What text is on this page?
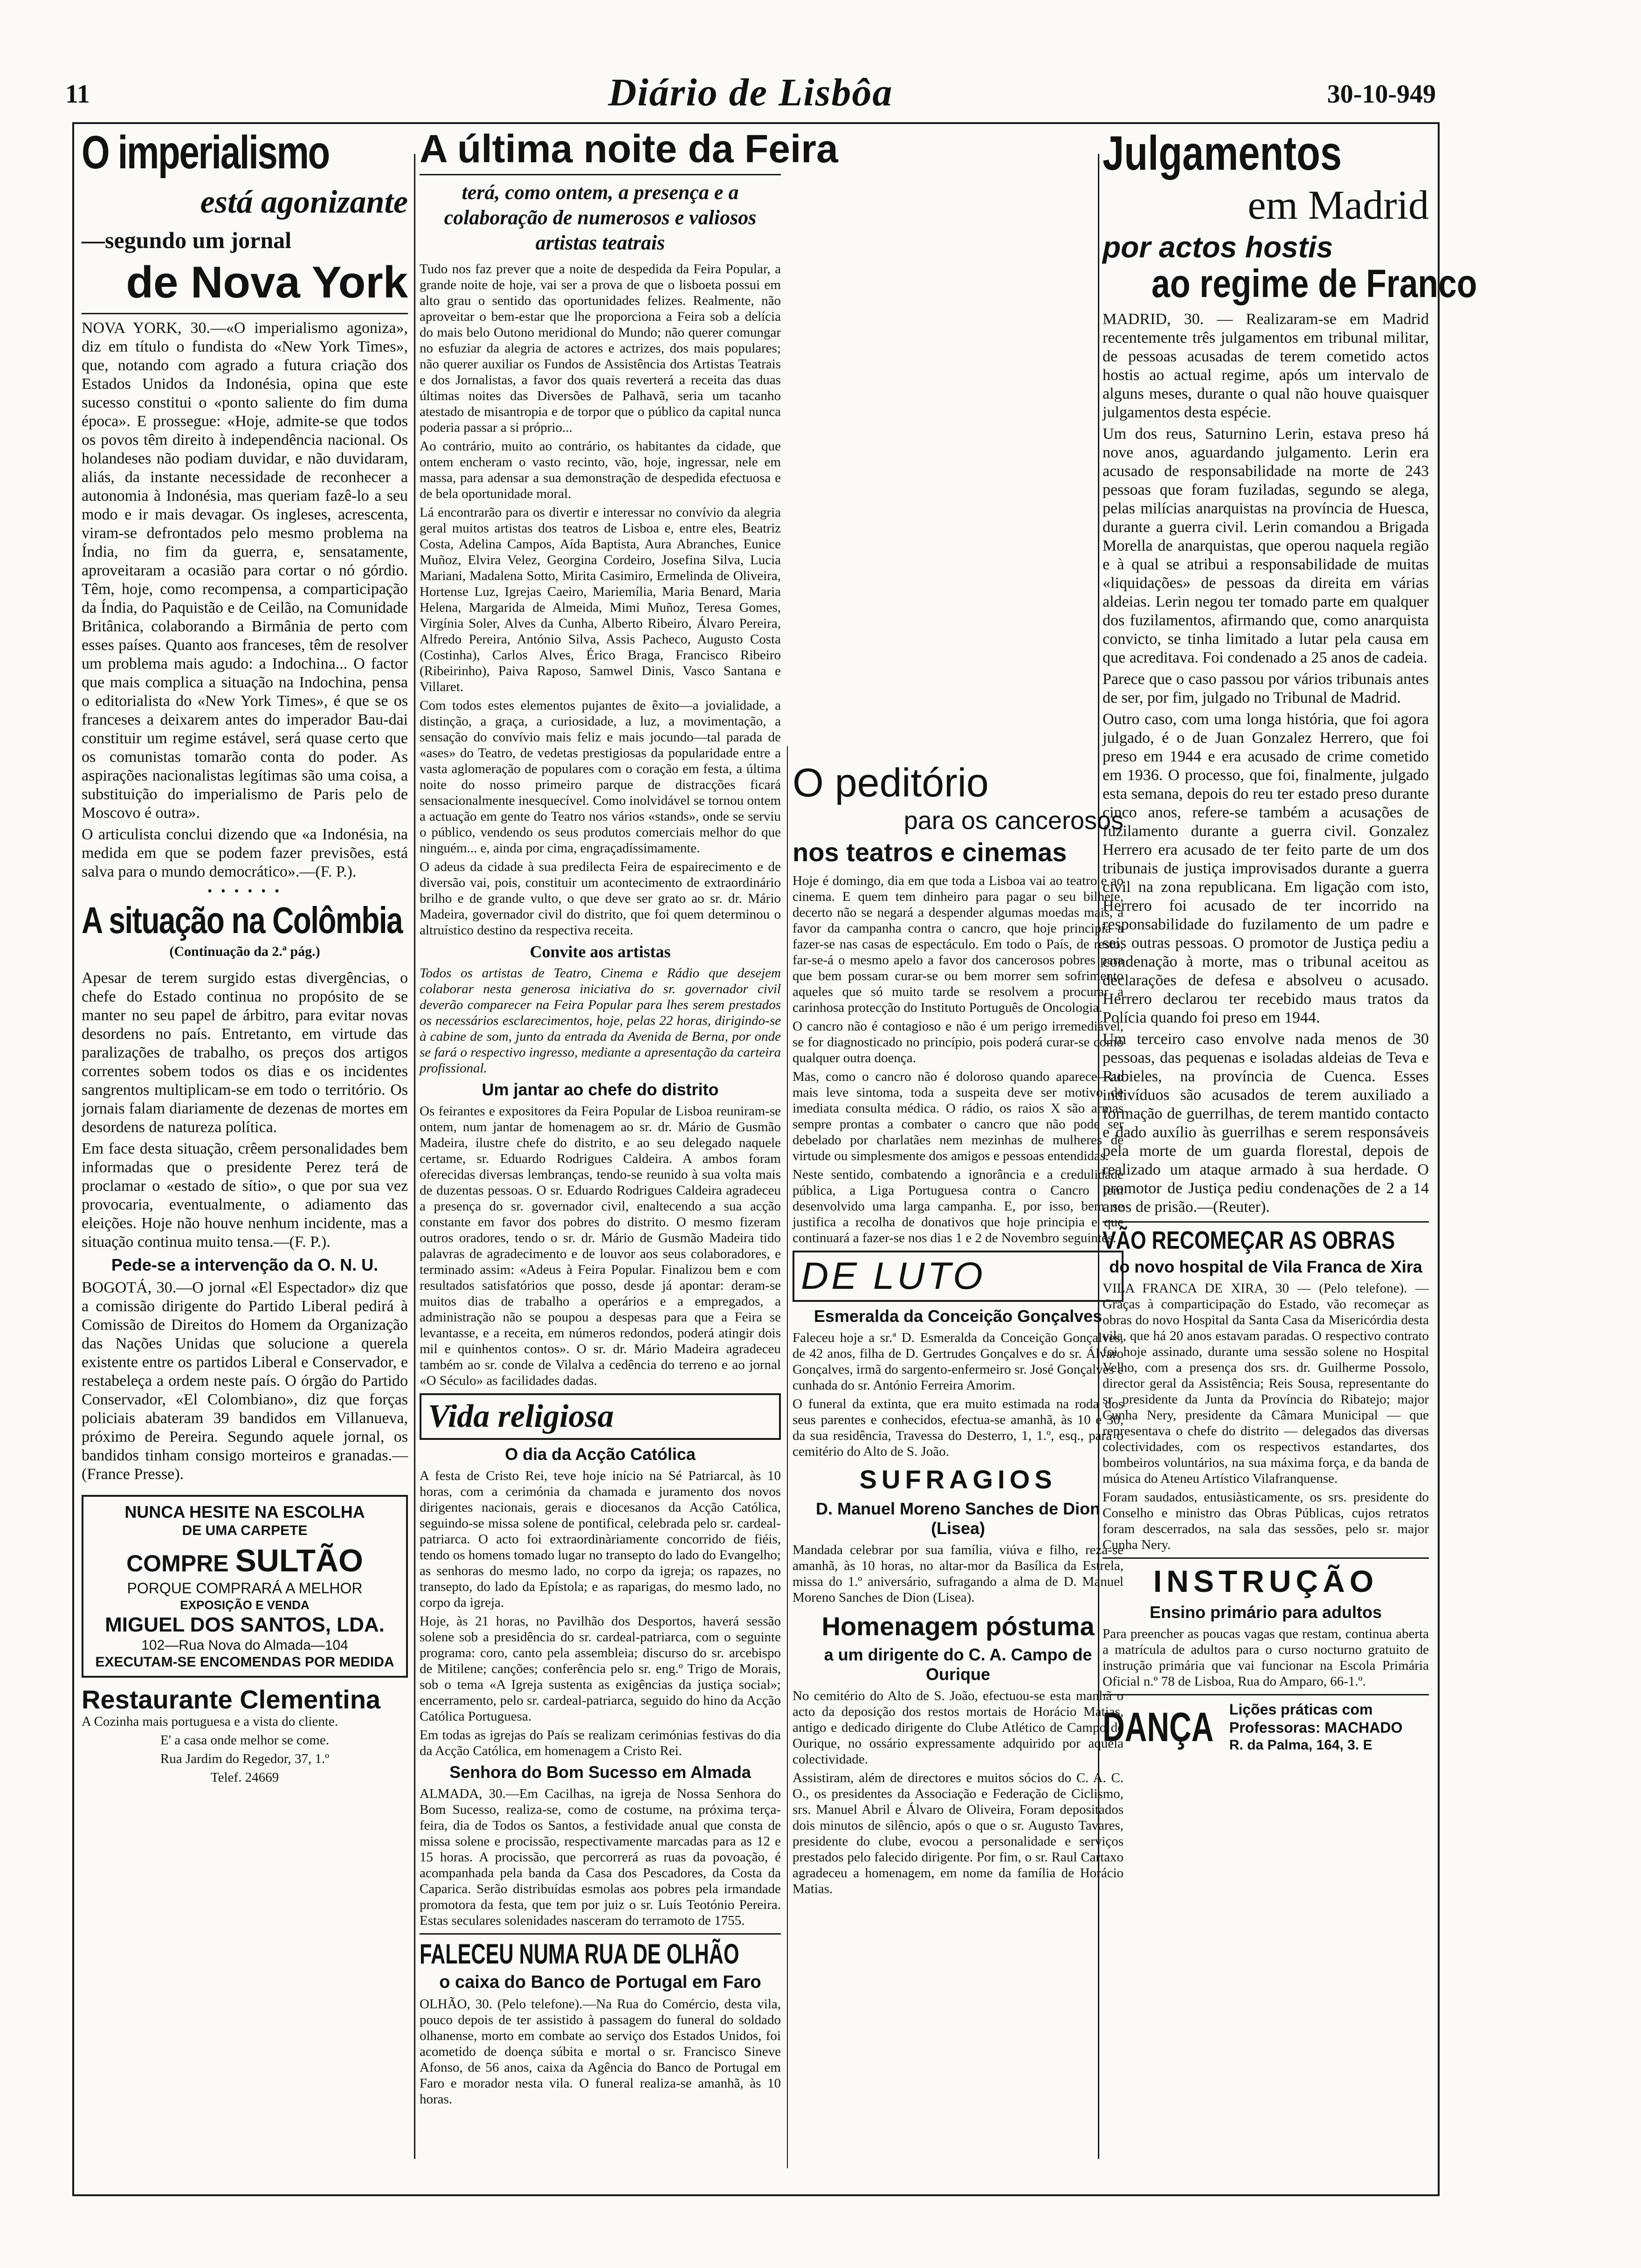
11	Diário de Lisbôa	30-10-949
O imperialismo
está agonizante
—segundo um jornal
de Nova York

NOVA YORK, 30.—«O imperialismo agoniza», diz em título o fundista do «New York Times», que, notando com agrado a futura criação dos Estados Unidos da Indonésia, opina que este sucesso constitui o «ponto saliente do fim duma época». E prossegue: «Hoje, admite-se que todos os povos têm direito à independência nacional. Os holandeses não podiam duvidar, e não duvidaram, aliás, da instante necessidade de reconhecer a autonomia à Indonésia, mas queriam fazê-lo a seu modo e ir mais devagar. Os ingleses, acrescenta, viram-se defrontados pelo mesmo problema na Índia, no fim da guerra, e, sensatamente, aproveitaram a ocasião para cortar o nó górdio. Têm, hoje, como recompensa, a comparticipação da Índia, do Paquistão e de Ceilão, na Comunidade Britânica, colaborando a Birmânia de perto com esses países. Quanto aos franceses, têm de resolver um problema mais agudo: a Indochina... O factor que mais complica a situação na Indochina, pensa o editorialista do «New York Times», é que se os franceses a deixarem antes do imperador Bau-dai constituir um regime estável, será quase certo que os comunistas tomarão conta do poder. As aspirações nacionalistas legítimas são uma coisa, a substituição do imperialismo de Paris pelo de Moscovo é outra».

O articulista conclui dizendo que «a Indonésia, na medida em que se podem fazer previsões, está salva para o mundo democrático».—(F. P.).

• • • • • •
A situação na Colômbia
(Continuação da 2.ª pág.)

Apesar de terem surgido estas divergências, o chefe do Estado continua no propósito de se manter no seu papel de árbitro, para evitar novas desordens no país. Entretanto, em virtude das paralizações de trabalho, os preços dos artigos correntes sobem todos os dias e os incidentes sangrentos multiplicam-se em todo o território. Os jornais falam diariamente de dezenas de mortes em desordens de natureza política.

Em face desta situação, crêem personalidades bem informadas que o presidente Perez terá de proclamar o «estado de sítio», o que por sua vez provocaria, eventualmente, o adiamento das eleições. Hoje não houve nenhum incidente, mas a situação continua muito tensa.—(F. P.).

Pede-se a intervenção da O. N. U.

BOGOTÁ, 30.—O jornal «El Espectador» diz que a comissão dirigente do Partido Liberal pedirá à Comissão de Direitos do Homem da Organização das Nações Unidas que solucione a querela existente entre os partidos Liberal e Conservador, e restabeleça a ordem neste país. O órgão do Partido Conservador, «El Colombiano», diz que forças policiais abateram 39 bandidos em Villanueva, próximo de Pereira. Segundo aquele jornal, os bandidos tinham consigo morteiros e granadas.—(France Presse).

NUNCA HESITE NA ESCOLHA
DE UMA CARPETE
COMPRE SULTÃO
PORQUE COMPRARÁ A MELHOR
EXPOSIÇÃO E VENDA
MIGUEL DOS SANTOS, LDA.
102—Rua Nova do Almada—104
EXECUTAM-SE ENCOMENDAS POR MEDIDA
Restaurante Clementina

A Cozinha mais portuguesa e a vista do cliente.

E' a casa onde melhor se come.

Rua Jardim do Regedor, 37, 1.º

Telef. 24669

A última noite da Feira
terá, como ontem, a presença e a colaboração de numerosos e valiosos artistas teatrais

Tudo nos faz prever que a noite de despedida da Feira Popular, a grande noite de hoje, vai ser a prova de que o lisboeta possui em alto grau o sentido das oportunidades felizes. Realmente, não aproveitar o bem-estar que lhe proporciona a Feira sob a delícia do mais belo Outono meridional do Mundo; não querer comungar no esfuziar da alegria de actores e actrizes, dos mais populares; não querer auxiliar os Fundos de Assistência dos Artistas Teatrais e dos Jornalistas, a favor dos quais reverterá a receita das duas últimas noites das Diversões de Palhavã, seria um tacanho atestado de misantropia e de torpor que o público da capital nunca poderia passar a si próprio...

Ao contrário, muito ao contrário, os habitantes da cidade, que ontem encheram o vasto recinto, vão, hoje, ingressar, nele em massa, para adensar a sua demonstração de despedida efectuosa e de bela oportunidade moral.

Lá encontrarão para os divertir e interessar no convívio da alegria geral muitos artistas dos teatros de Lisboa e, entre eles, Beatriz Costa, Adelina Campos, Aída Baptista, Aura Abranches, Eunice Muñoz, Elvira Velez, Georgina Cordeiro, Josefina Silva, Lucia Mariani, Madalena Sotto, Mirita Casimiro, Ermelinda de Oliveira, Hortense Luz, Igrejas Caeiro, Mariemília, Maria Benard, Maria Helena, Margarida de Almeida, Mimi Muñoz, Teresa Gomes, Virgínia Soler, Alves da Cunha, Alberto Ribeiro, Álvaro Pereira, Alfredo Pereira, António Silva, Assis Pacheco, Augusto Costa (Costinha), Carlos Alves, Érico Braga, Francisco Ribeiro (Ribeirinho), Paiva Raposo, Samwel Dinis, Vasco Santana e Villaret.

Com todos estes elementos pujantes de êxito—a jovialidade, a distinção, a graça, a curiosidade, a luz, a movimentação, a sensação do convívio mais feliz e mais jocundo—tal parada de «ases» do Teatro, de vedetas prestigiosas da popularidade entre a vasta aglomeração de populares com o coração em festa, a última noite do nosso primeiro parque de distracções ficará sensacionalmente inesquecível. Como inolvidável se tornou ontem a actuação em gente do Teatro nos vários «stands», onde se serviu o público, vendendo os seus produtos comerciais melhor do que ninguém... e, ainda por cima, engraçadíssimamente.

O adeus da cidade à sua predilecta Feira de espairecimento e de diversão vai, pois, constituir um acontecimento de extraordinário brilho e de grande vulto, o que deve ser grato ao sr. dr. Mário Madeira, governador civil do distrito, que foi quem determinou o altruístico destino da respectiva receita.

Convite aos artistas

Todos os artistas de Teatro, Cinema e Rádio que desejem colaborar nesta generosa iniciativa do sr. governador civil deverão comparecer na Feira Popular para lhes serem prestados os necessários esclarecimentos, hoje, pelas 22 horas, dirigindo-se à cabine de som, junto da entrada da Avenida de Berna, por onde se fará o respectivo ingresso, mediante a apresentação da carteira profissional.

Um jantar ao chefe do distrito

Os feirantes e expositores da Feira Popular de Lisboa reuniram-se ontem, num jantar de homenagem ao sr. dr. Mário de Gusmão Madeira, ilustre chefe do distrito, e ao seu delegado naquele certame, sr. Eduardo Rodrigues Caldeira. A ambos foram oferecidas diversas lembranças, tendo-se reunido à sua volta mais de duzentas pessoas. O sr. Eduardo Rodrigues Caldeira agradeceu a presença do sr. governador civil, enaltecendo a sua acção constante em favor dos pobres do distrito. O mesmo fizeram outros oradores, tendo o sr. dr. Mário de Gusmão Madeira tido palavras de agradecimento e de louvor aos seus colaboradores, e terminado assim: «Adeus à Feira Popular. Finalizou bem e com resultados satisfatórios que posso, desde já apontar: deram-se muitos dias de trabalho a operários e a empregados, a administração não se poupou a despesas para que a Feira se levantasse, e a receita, em números redondos, poderá atingir dois mil e quinhentos contos». O sr. dr. Mário Madeira agradeceu também ao sr. conde de Vilalva a cedência do terreno e ao jornal «O Século» as facilidades dadas.

Vida religiosa
O dia da Acção Católica

A festa de Cristo Rei, teve hoje início na Sé Patriarcal, às 10 horas, com a cerimónia da chamada e juramento dos novos dirigentes nacionais, gerais e diocesanos da Acção Católica, seguindo-se missa solene de pontifical, celebrada pelo sr. cardeal-patriarca. O acto foi extraordinàriamente concorrido de fiéis, tendo os homens tomado lugar no transepto do lado do Evangelho; as senhoras do mesmo lado, no corpo da igreja; os rapazes, no transepto, do lado da Epístola; e as raparigas, do mesmo lado, no corpo da igreja.

Hoje, às 21 horas, no Pavilhão dos Desportos, haverá sessão solene sob a presidência do sr. cardeal-patriarca, com o seguinte programa: coro, canto pela assembleia; discurso do sr. arcebispo de Mitilene; canções; conferência pelo sr. eng.º Trigo de Morais, sob o tema «A Igreja sustenta as exigências da justiça social»; encerramento, pelo sr. cardeal-patriarca, seguido do hino da Acção Católica Portuguesa.

Em todas as igrejas do País se realizam cerimónias festivas do dia da Acção Católica, em homenagem a Cristo Rei.

Senhora do Bom Sucesso em Almada

ALMADA, 30.—Em Cacilhas, na igreja de Nossa Senhora do Bom Sucesso, realiza-se, como de costume, na próxima terça-feira, dia de Todos os Santos, a festividade anual que consta de missa solene e procissão, respectivamente marcadas para as 12 e 15 horas. A procissão, que percorrerá as ruas da povoação, é acompanhada pela banda da Casa dos Pescadores, da Costa da Caparica. Serão distribuídas esmolas aos pobres pela irmandade promotora da festa, que tem por juiz o sr. Luís Teotónio Pereira. Estas seculares solenidades nasceram do terramoto de 1755.

FALECEU NUMA RUA DE OLHÃO
o caixa do Banco de Portugal em Faro

OLHÃO, 30. (Pelo telefone).—Na Rua do Comércio, desta vila, pouco depois de ter assistido à passagem do funeral do soldado olhanense, morto em combate ao serviço dos Estados Unidos, foi acometido de doença súbita e mortal o sr. Francisco Sineve Afonso, de 56 anos, caixa da Agência do Banco de Portugal em Faro e morador nesta vila. O funeral realiza-se amanhã, às 10 horas.

O peditório
para os cancerosos
nos teatros e cinemas

Hoje é domingo, dia em que toda a Lisboa vai ao teatro e ao cinema. E quem tem dinheiro para pagar o seu bilhete, decerto não se negará a despender algumas moedas mais, a favor da campanha contra o cancro, que hoje principia a fazer-se nas casas de espectáculo. Em todo o País, de resto, far-se-á o mesmo apelo a favor dos cancerosos pobres para que bem possam curar-se ou bem morrer sem sofrimento aqueles que só muito tarde se resolvem a procurar a carinhosa protecção do Instituto Português de Oncologia.

O cancro não é contagioso e não é um perigo irremediável, se for diagnosticado no princípio, pois poderá curar-se como qualquer outra doença.

Mas, como o cancro não é doloroso quando aparece—ao mais leve sintoma, toda a suspeita deve ser motivo de imediata consulta médica. O rádio, os raios X são armas sempre prontas a combater o cancro que não pode ser debelado por charlatães nem mezinhas de mulheres de virtude ou simplesmente dos amigos e pessoas entendidas.

Neste sentido, combatendo a ignorância e a credulidade pública, a Liga Portuguesa contra o Cancro tem desenvolvido uma larga campanha. E, por isso, bem se justifica a recolha de donativos que hoje principia e que continuará a fazer-se nos dias 1 e 2 de Novembro seguintes.

DE LUTO
Esmeralda da Conceição Gonçalves

Faleceu hoje a sr.ª D. Esmeralda da Conceição Gonçalves, de 42 anos, filha de D. Gertrudes Gonçalves e do sr. Álvaro Gonçalves, irmã do sargento-enfermeiro sr. José Gonçalves e cunhada do sr. António Ferreira Amorim.

O funeral da extinta, que era muito estimada na roda dos seus parentes e conhecidos, efectua-se amanhã, às 10 e 30, da sua residência, Travessa do Desterro, 1, 1.º, esq., para o cemitério do Alto de S. João.

SUFRAGIOS
D. Manuel Moreno Sanches de Dion (Lisea)

Mandada celebrar por sua família, viúva e filho, reza-se amanhã, às 10 horas, no altar-mor da Basílica da Estrela, missa do 1.º aniversário, sufragando a alma de D. Manuel Moreno Sanches de Dion (Lisea).

Homenagem póstuma
a um dirigente do C. A. Campo de Ourique

No cemitério do Alto de S. João, efectuou-se esta manhã o acto da deposição dos restos mortais de Horácio Matias, antigo e dedicado dirigente do Clube Atlético de Campo de Ourique, no ossário expressamente adquirido por aquela colectividade.

Assistiram, além de directores e muitos sócios do C. A. C. O., os presidentes da Associação e Federação de Ciclismo, srs. Manuel Abril e Álvaro de Oliveira, Foram depositados dois minutos de silêncio, após o que o sr. Augusto Tavares, presidente do clube, evocou a personalidade e serviços prestados pelo falecido dirigente. Por fim, o sr. Raul Cartaxo agradeceu a homenagem, em nome da família de Horácio Matias.

Julgamentos
em Madrid
por actos hostis
ao regime de Franco

MADRID, 30. — Realizaram-se em Madrid recentemente três julgamentos em tribunal militar, de pessoas acusadas de terem cometido actos hostis ao actual regime, após um intervalo de alguns meses, durante o qual não houve quaisquer julgamentos desta espécie.

Um dos reus, Saturnino Lerin, estava preso há nove anos, aguardando julgamento. Lerin era acusado de responsabilidade na morte de 243 pessoas que foram fuziladas, segundo se alega, pelas milícias anarquistas na província de Huesca, durante a guerra civil. Lerin comandou a Brigada Morella de anarquistas, que operou naquela região e à qual se atribui a responsabilidade de muitas «liquidações» de pessoas da direita em várias aldeias. Lerin negou ter tomado parte em qualquer dos fuzilamentos, afirmando que, como anarquista convicto, se tinha limitado a lutar pela causa em que acreditava. Foi condenado a 25 anos de cadeia.

Parece que o caso passou por vários tribunais antes de ser, por fim, julgado no Tribunal de Madrid.

Outro caso, com uma longa história, que foi agora julgado, é o de Juan Gonzalez Herrero, que foi preso em 1944 e era acusado de crime cometido em 1936. O processo, que foi, finalmente, julgado esta semana, depois do reu ter estado preso durante cinco anos, refere-se também a acusações de fuzilamento durante a guerra civil. Gonzalez Herrero era acusado de ter feito parte de um dos tribunais de justiça improvisados durante a guerra civil na zona republicana. Em ligação com isto, Herrero foi acusado de ter incorrido na responsabilidade do fuzilamento de um padre e seis outras pessoas. O promotor de Justiça pediu a condenação à morte, mas o tribunal aceitou as declarações de defesa e absolveu o acusado. Herrero declarou ter recebido maus tratos da Polícia quando foi preso em 1944.

Um terceiro caso envolve nada menos de 30 pessoas, das pequenas e isoladas aldeias de Teva e Rubieles, na província de Cuenca. Esses indivíduos são acusados de terem auxiliado a formação de guerrilhas, de terem mantido contacto e dado auxílio às guerrilhas e serem responsáveis pela morte de um guarda florestal, depois de realizado um ataque armado à sua herdade. O promotor de Justiça pediu condenações de 2 a 14 anos de prisão.—(Reuter).

VÃO RECOMEÇAR AS OBRAS
do novo hospital de Vila Franca de Xira

VILA FRANCA DE XIRA, 30 — (Pelo telefone). — Graças à comparticipação do Estado, vão recomeçar as obras do novo Hospital da Santa Casa da Misericórdia desta vila, que há 20 anos estavam paradas. O respectivo contrato foi hoje assinado, durante uma sessão solene no Hospital Velho, com a presença dos srs. dr. Guilherme Possolo, director geral da Assistência; Reis Sousa, representante do sr. presidente da Junta da Província do Ribatejo; major Cunha Nery, presidente da Câmara Municipal — que representava o chefe do distrito — delegados das diversas colectividades, com os respectivos estandartes, dos bombeiros voluntários, na sua máxima força, e da banda de música do Ateneu Artístico Vilafranquense.

Foram saudados, entusiàsticamente, os srs. presidente do Conselho e ministro das Obras Públicas, cujos retratos foram descerrados, na sala das sessões, pelo sr. major Cunha Nery.

INSTRUÇÃO
Ensino primário para adultos

Para preencher as poucas vagas que restam, continua aberta a matrícula de adultos para o curso nocturno gratuito de instrução primária que vai funcionar na Escola Primária Oficial n.º 78 de Lisboa, Rua do Amparo, 66-1.º.

DANÇA Lições práticas com
Professoras: MACHADO
R. da Palma, 164, 3. E
